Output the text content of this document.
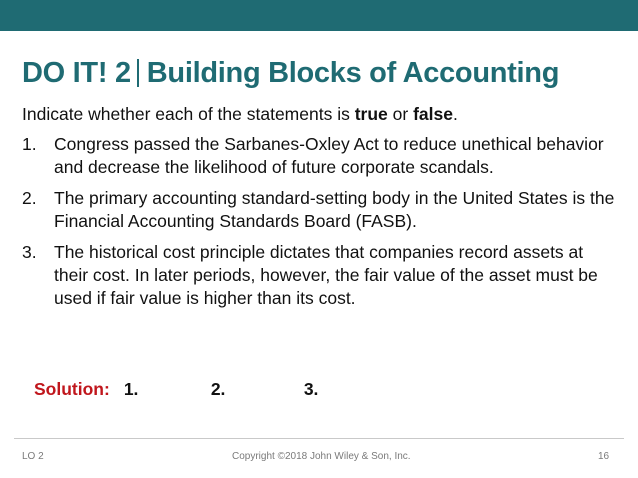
DO IT! 2 Building Blocks of Accounting

Indicate whether each of the statements is true or false.

1. Congress passed the Sarbanes-Oxley Act to reduce unethical behavior and decrease the likelihood of future corporate scandals.
2. The primary accounting standard-setting body in the United States is the Financial Accounting Standards Board (FASB).
3. The historical cost principle dictates that companies record assets at their cost. In later periods, however, the fair value of the asset must be used if fair value is higher than its cost.
Solution: 1.	2.	3.
LO 2	Copyright ©2018 John Wiley & Son, Inc.	16
